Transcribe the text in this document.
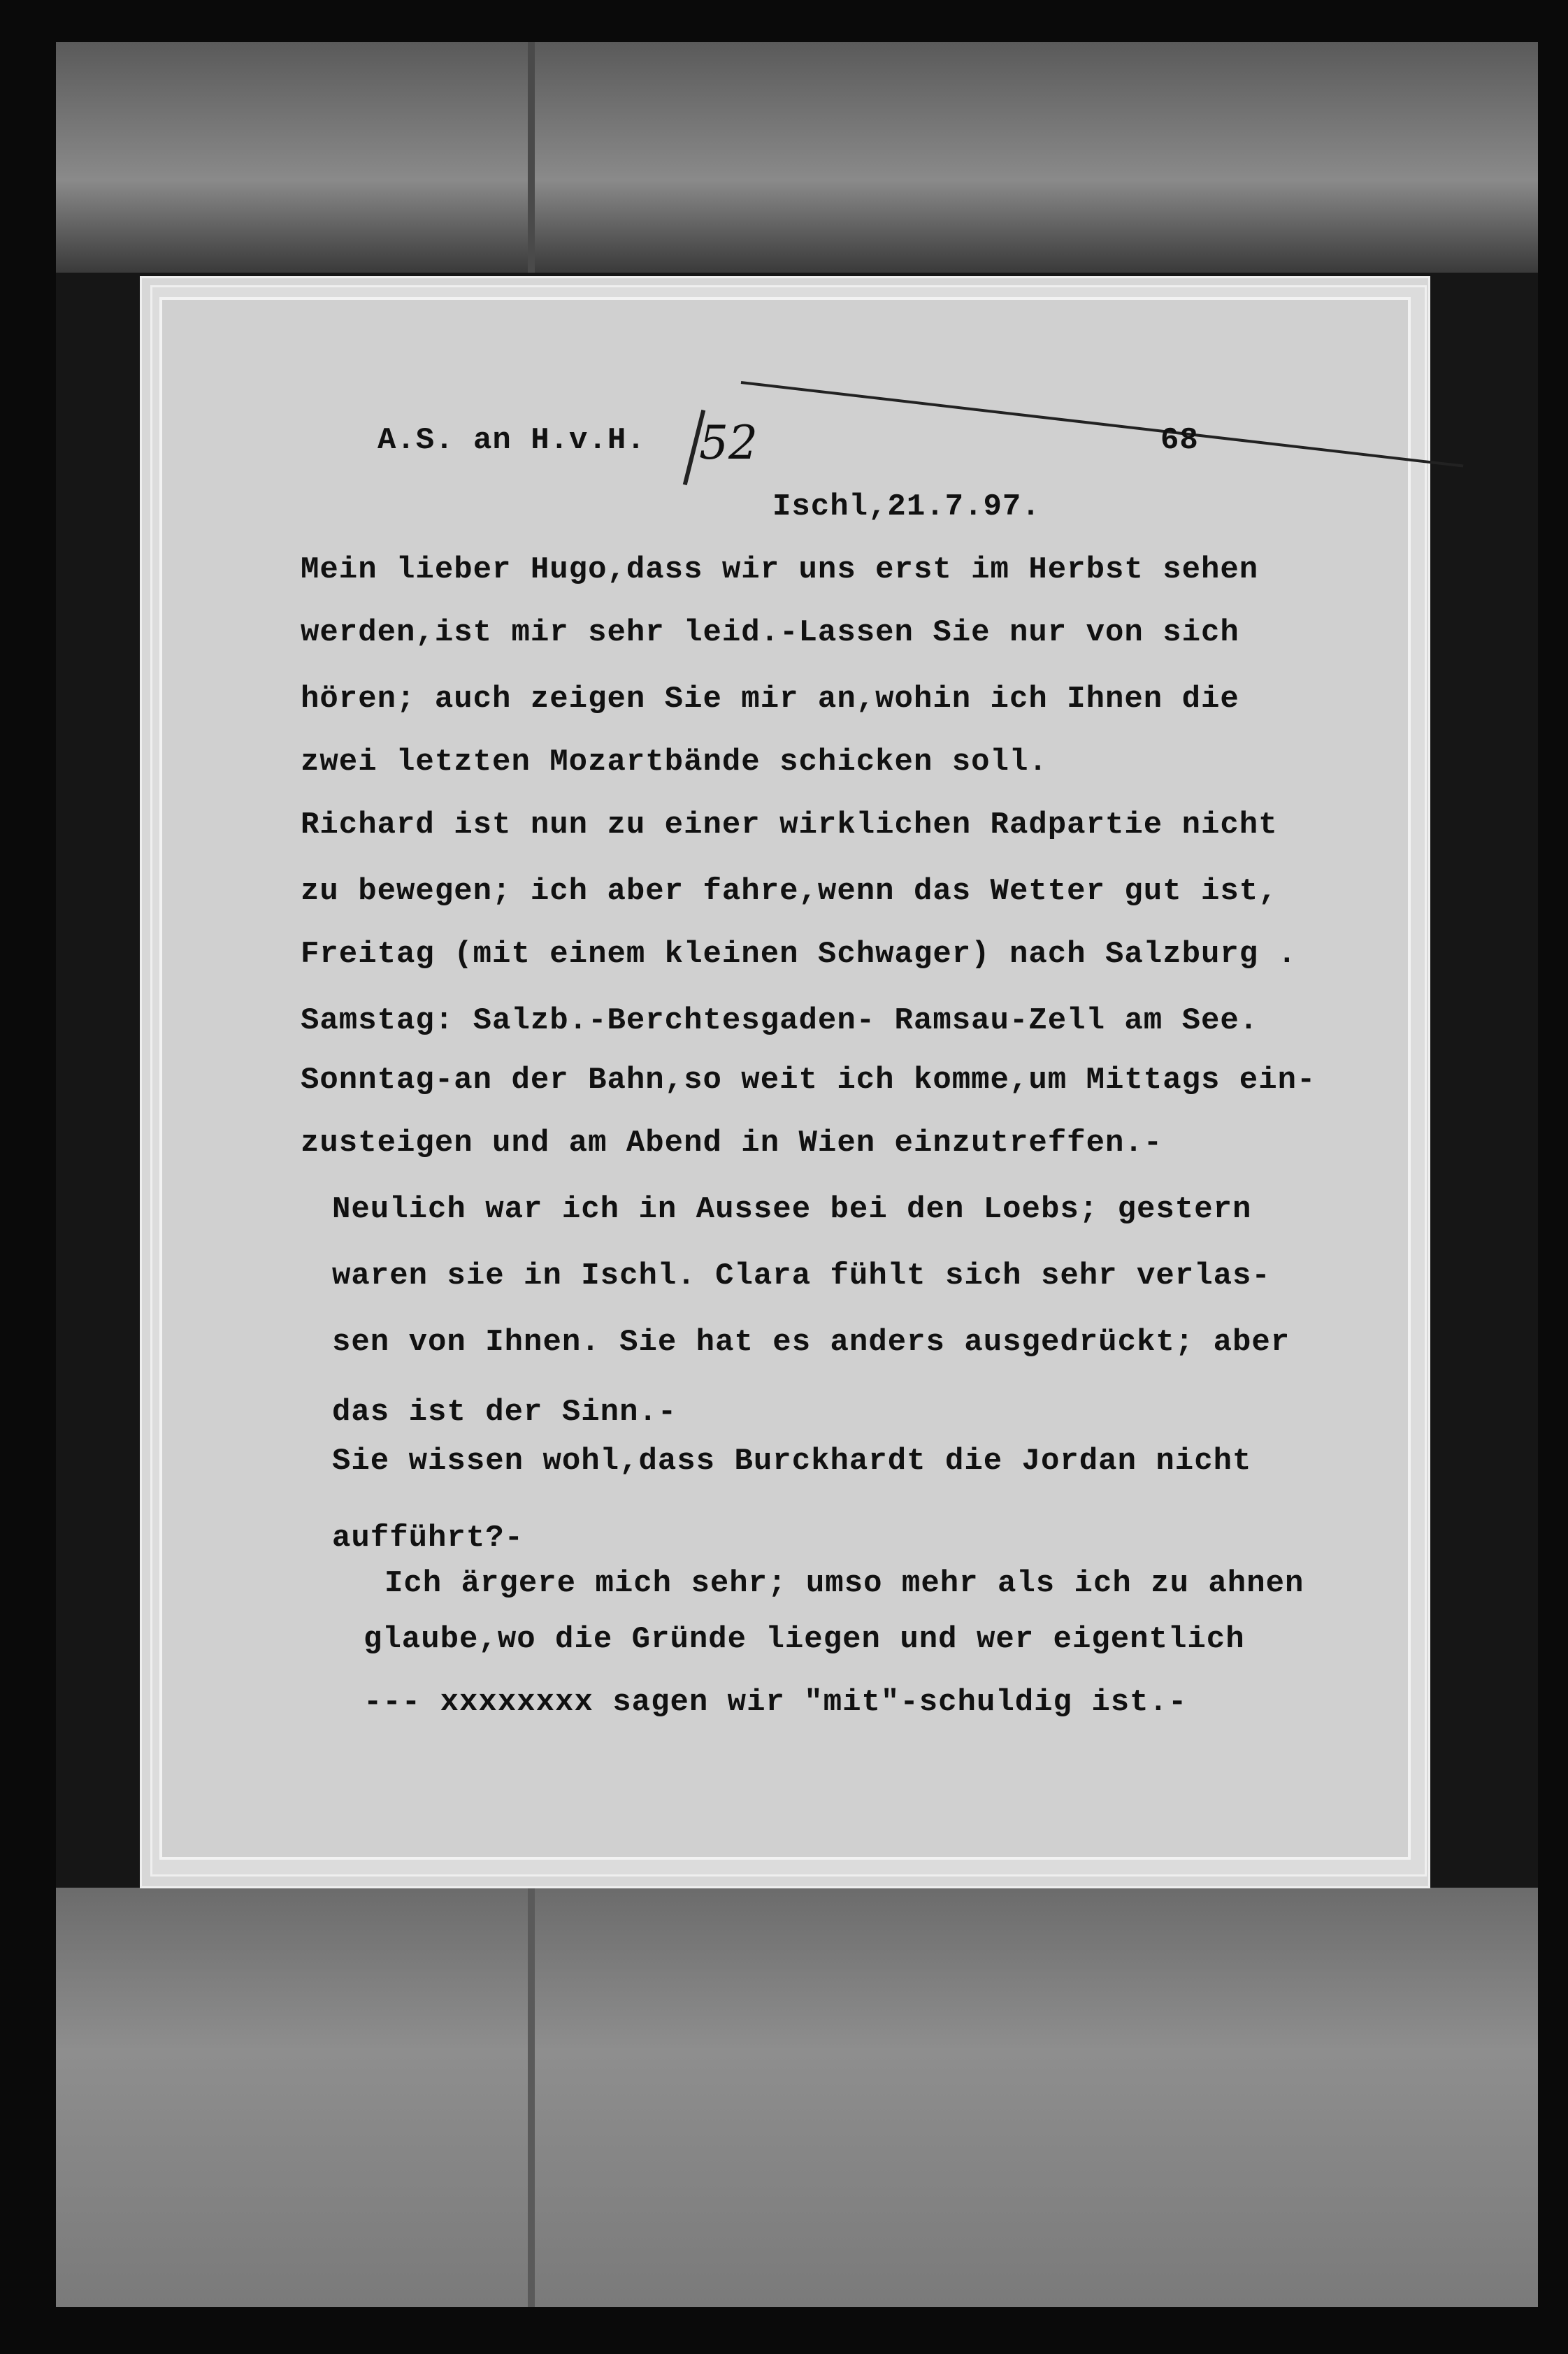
A.S. an H.v.H. 52	68
Ischl,21.7.97.
Mein lieber Hugo,dass wir uns erst im Herbst sehen
werden,ist mir sehr leid.-Lassen Sie nur von sich
hören; auch zeigen Sie mir an,wohin ich Ihnen die
zwei letzten Mozartbände schicken soll.
Richard ist nun zu einer wirklichen Radpartie nicht
zu bewegen; ich aber fahre,wenn das Wetter gut ist,
Freitag (mit einem kleinen Schwager) nach Salzburg .
Samstag: Salzb.-Berchtesgaden- Ramsau-Zell am See.
Sonntag-an der Bahn,so weit ich komme,um Mittags ein-
zusteigen und am Abend in Wien einzutreffen.-
Neulich war ich in Aussee bei den Loebs; gestern
waren sie in Ischl. Clara fühlt sich sehr verlas-
sen von Ihnen. Sie hat es anders ausgedrückt; aber
das ist der Sinn.-
Sie wissen wohl,dass Burckhardt die Jordan nicht
aufführt?-
Ich ärgere mich sehr; umso mehr als ich zu ahnen
glaube,wo die Gründe liegen und wer eigentlich
--- xxxxxxxx sagen wir "mit"-schuldig ist.-
